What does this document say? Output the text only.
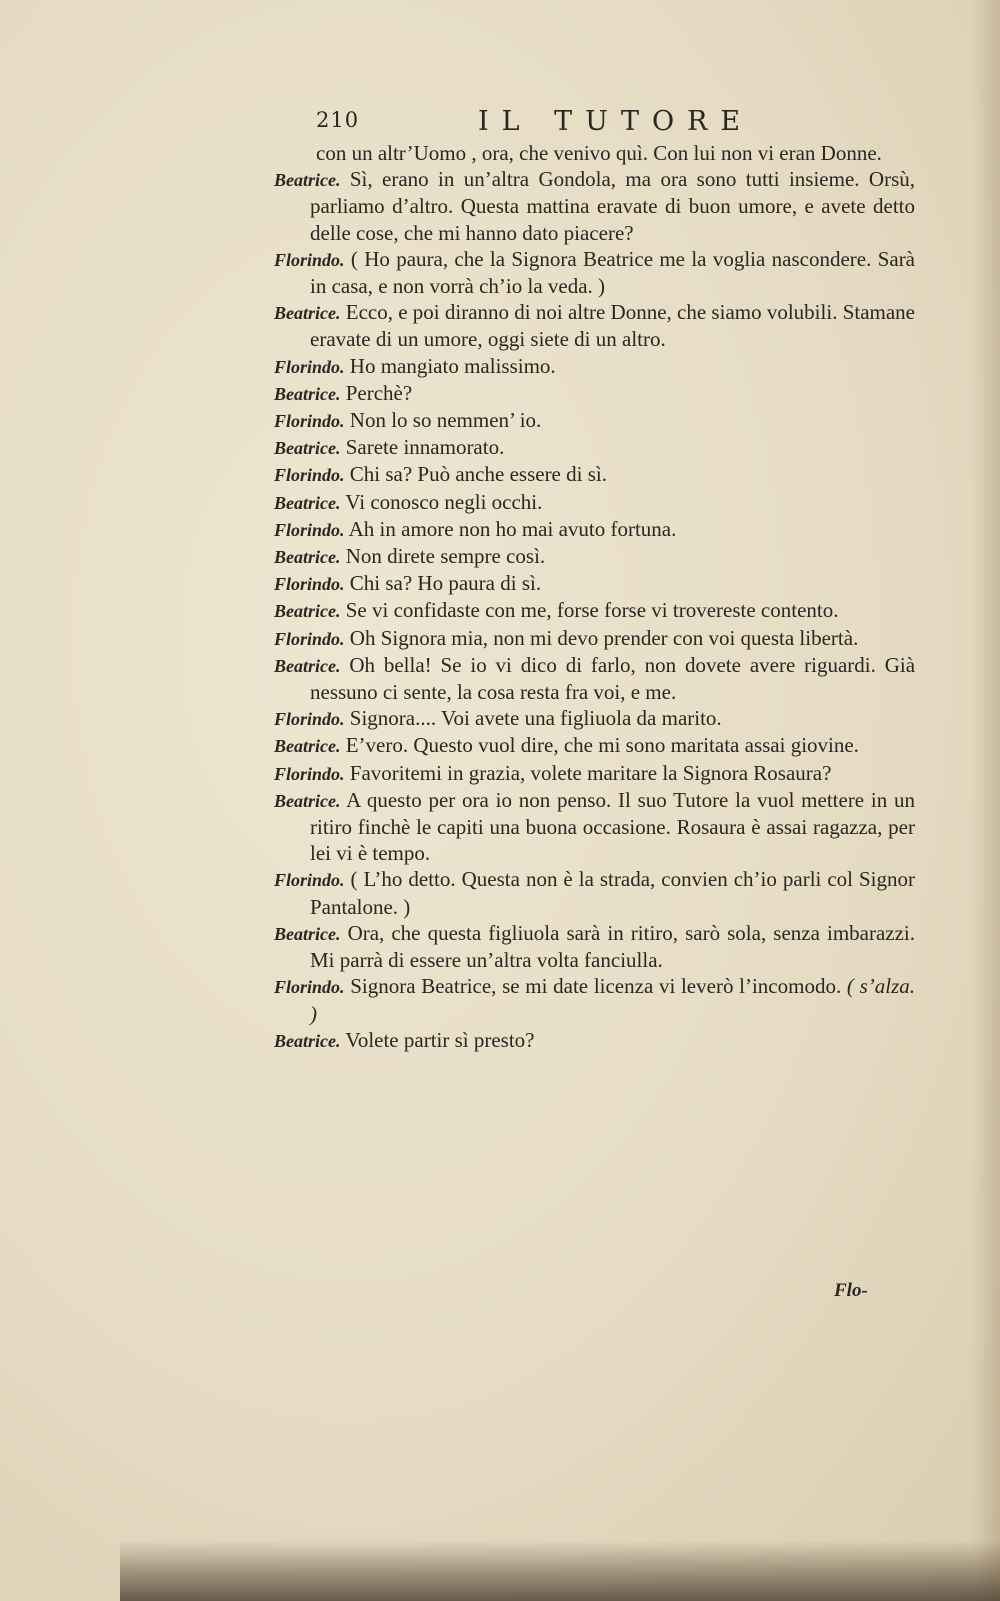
210	IL TUTORE

con un altr’Uomo , ora, che venivo quì. Con lui non vi eran Donne.

Beatrice. Sì, erano in un’altra Gondola, ma ora sono tutti insieme. Orsù, parliamo d’altro. Questa mattina eravate di buon umore, e avete detto delle cose, che mi hanno dato piacere?

Florindo. ( Ho paura, che la Signora Beatrice me la voglia nascondere. Sarà in casa, e non vorrà ch’io la veda. )

Beatrice. Ecco, e poi diranno di noi altre Donne, che siamo volubili. Stamane eravate di un umore, oggi siete di un altro.

Florindo. Ho mangiato malissimo.

Beatrice. Perchè?

Florindo. Non lo so nemmen’ io.

Beatrice. Sarete innamorato.

Florindo. Chi sa? Può anche essere di sì.

Beatrice. Vi conosco negli occhi.

Florindo. Ah in amore non ho mai avuto fortuna.

Beatrice. Non direte sempre così.

Florindo. Chi sa? Ho paura di sì.

Beatrice. Se vi confidaste con me, forse forse vi trovereste contento.

Florindo. Oh Signora mia, non mi devo prender con voi questa libertà.

Beatrice. Oh bella! Se io vi dico di farlo, non dovete avere riguardi. Già nessuno ci sente, la cosa resta fra voi, e me.

Florindo. Signora.... Voi avete una figliuola da marito.

Beatrice. E’vero. Questo vuol dire, che mi sono maritata assai giovine.

Florindo. Favoritemi in grazia, volete maritare la Signora Rosaura?

Beatrice. A questo per ora io non penso. Il suo Tutore la vuol mettere in un ritiro finchè le capiti una buona occasione. Rosaura è assai ragazza, per lei vi è tempo.

Florindo. ( L’ho detto. Questa non è la strada, convien ch’io parli col Signor Pantalone. )

Beatrice. Ora, che questa figliuola sarà in ritiro, sarò sola, senza imbarazzi. Mi parrà di essere un’altra volta fanciulla.

Florindo. Signora Beatrice, se mi date licenza vi leverò l’incomodo. ( s’alza. )

Beatrice. Volete partir sì presto?

Flo-
